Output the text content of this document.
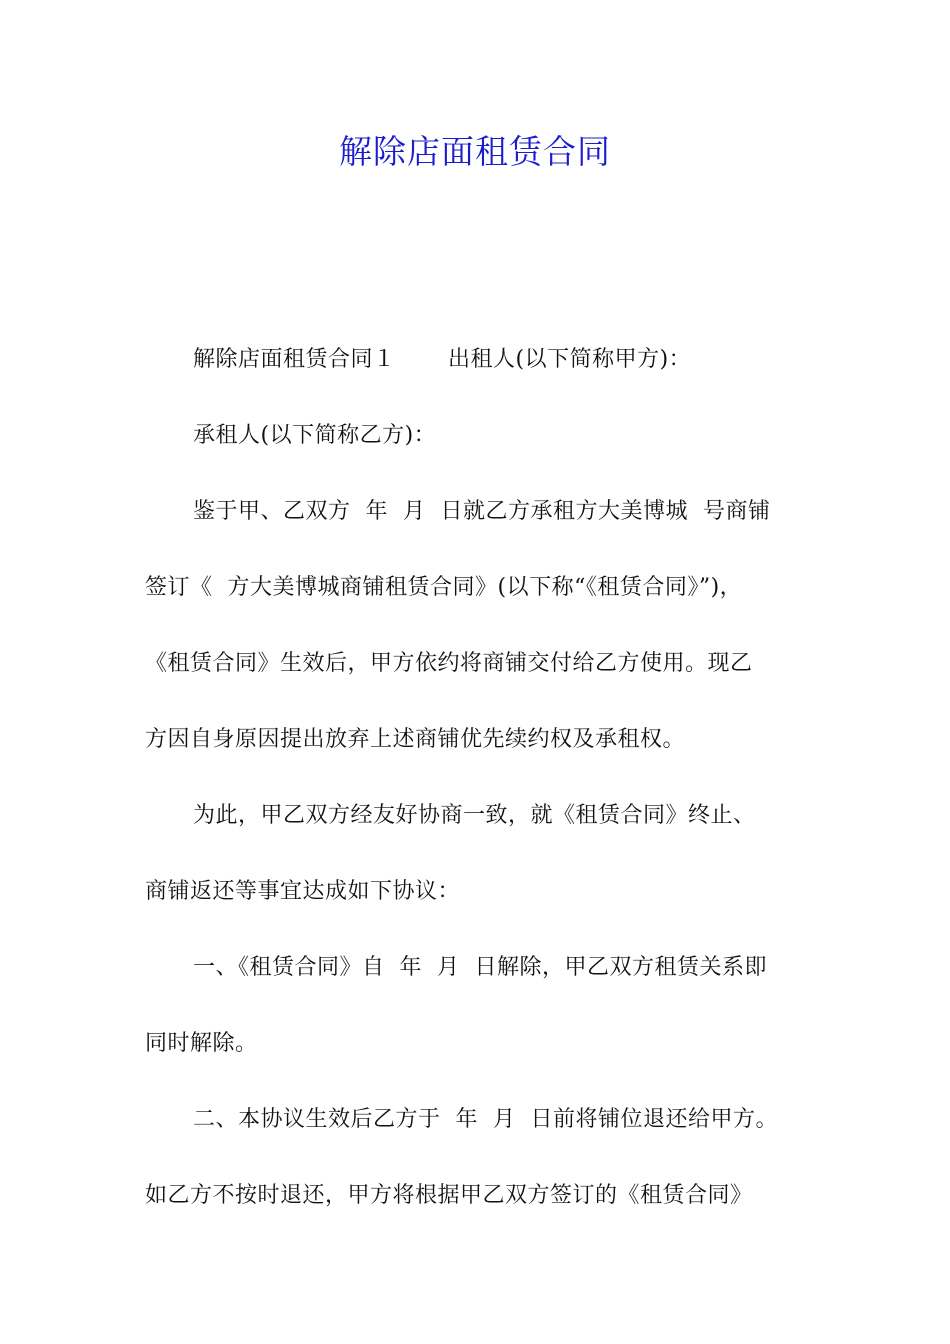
解除店面租赁合同
解除店面租赁合同１　　 出租人(以下简称甲方)：
承租人(以下简称乙方)：
鉴于甲、乙双方  年  月  日就乙方承租方大美博城  号商铺
签订《  方大美博城商铺租赁合同》(以下称“《租赁合同》”)，
《租赁合同》生效后，甲方依约将商铺交付给乙方使用。现乙
方因自身原因提出放弃上述商铺优先续约权及承租权。
为此，甲乙双方经友好协商一致，就《租赁合同》终止、
商铺返还等事宜达成如下协议：
一、《租赁合同》自  年  月  日解除，甲乙双方租赁关系即
同时解除。
二、本协议生效后乙方于  年  月  日前将铺位退还给甲方。
如乙方不按时退还，甲方将根据甲乙双方签订的《租赁合同》
